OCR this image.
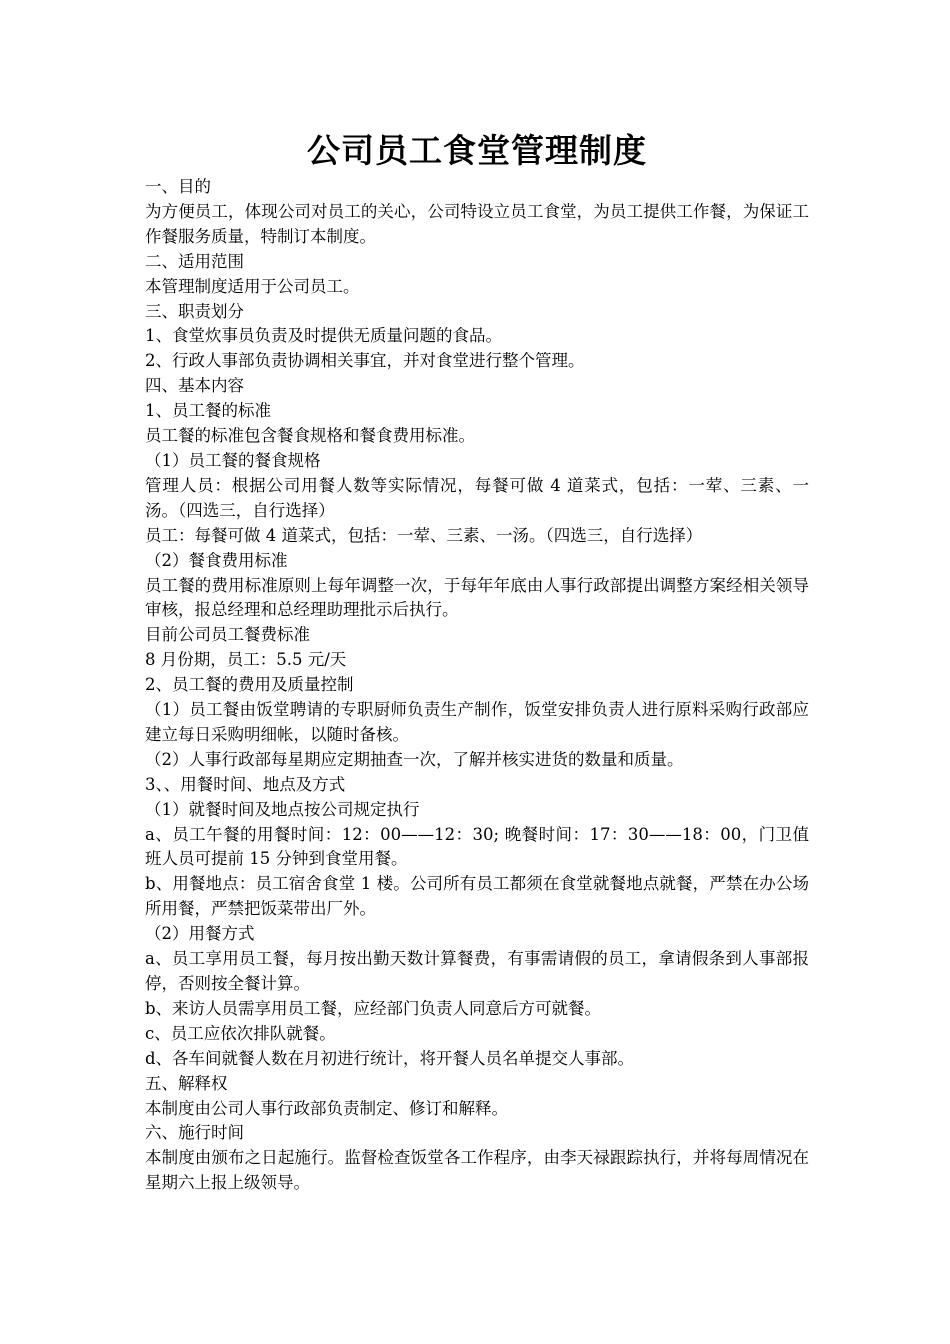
公司员工食堂管理制度
一、目的
为方便员工，体现公司对员工的关心，公司特设立员工食堂，为员工提供工作餐，为保证工作餐服务质量，特制订本制度。
二、适用范围
本管理制度适用于公司员工。
三、职责划分
1、食堂炊事员负责及时提供无质量问题的食品。
2、行政人事部负责协调相关事宜，并对食堂进行整个管理。
四、基本内容
1、员工餐的标准
员工餐的标准包含餐食规格和餐食费用标准。
（1）员工餐的餐食规格
管理人员：根据公司用餐人数等实际情况，每餐可做 4 道菜式，包括：一荤、三素、一汤。（四选三，自行选择）
员工：每餐可做 4 道菜式，包括：一荤、三素、一汤。（四选三，自行选择）
（2）餐食费用标准
员工餐的费用标准原则上每年调整一次，于每年年底由人事行政部提出调整方案经相关领导审核，报总经理和总经理助理批示后执行。
目前公司员工餐费标准
8 月份期，员工：5.5 元/天
2、员工餐的费用及质量控制
（1）员工餐由饭堂聘请的专职厨师负责生产制作，饭堂安排负责人进行原料采购行政部应建立每日采购明细帐，以随时备核。
（2）人事行政部每星期应定期抽查一次，了解并核实进货的数量和质量。
3、、用餐时间、地点及方式
（1）就餐时间及地点按公司规定执行
a、员工午餐的用餐时间：12：00——12：30; 晚餐时间：17：30——18：00，门卫值班人员可提前 15 分钟到食堂用餐。
b、用餐地点：员工宿舍食堂 1 楼。公司所有员工都须在食堂就餐地点就餐，严禁在办公场所用餐，严禁把饭菜带出厂外。
（2）用餐方式
a、员工享用员工餐，每月按出勤天数计算餐费，有事需请假的员工，拿请假条到人事部报停，否则按全餐计算。
b、来访人员需享用员工餐，应经部门负责人同意后方可就餐。
c、员工应依次排队就餐。
d、各车间就餐人数在月初进行统计，将开餐人员名单提交人事部。
五、解释权
本制度由公司人事行政部负责制定、修订和解释。
六、施行时间
本制度由颁布之日起施行。监督检查饭堂各工作程序，由李天禄跟踪执行，并将每周情况在星期六上报上级领导。
